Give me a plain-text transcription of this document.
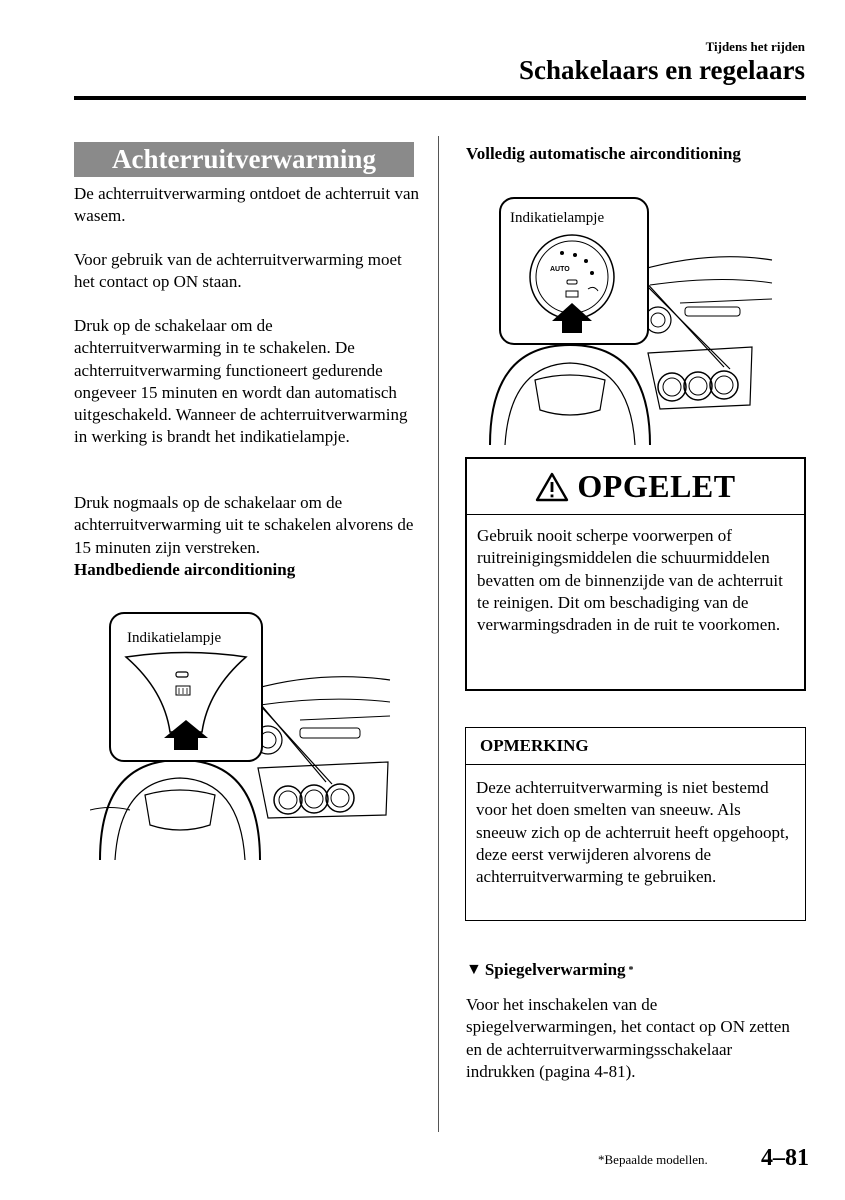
Tijdens het rijden
Schakelaars en regelaars
Achterruitverwarming

De achterruitverwarming ontdoet de achterruit van wasem.

Voor gebruik van de achterruitverwarming moet het contact op ON staan.

Druk op de schakelaar om de achterruitverwarming in te schakelen. De achterruitverwarming functioneert gedurende ongeveer 15 minuten en wordt dan automatisch uitgeschakeld. Wanneer de achterruitverwarming in werking is brandt het indikatielampje.

Druk nogmaals op de schakelaar om de achterruitverwarming uit te schakelen alvorens de 15 minuten zijn verstreken.

Handbediende airconditioning

Indikatielampje

Volledig automatische airconditioning

AUTO
Indikatielampje
OPGELET
Gebruik nooit scherpe voorwerpen of ruitreinigingsmiddelen die schuurmiddelen bevatten om de binnenzijde van de achterruit te reinigen. Dit om beschadiging van de verwarmingsdraden in de ruit te voorkomen.
OPMERKING
Deze achterruitverwarming is niet bestemd voor het doen smelten van sneeuw. Als sneeuw zich op de achterruit heeft opgehoopt, deze eerst verwijderen alvorens de achterruitverwarming te gebruiken.
▼ Spiegelverwarming *

Voor het inschakelen van de spiegelverwarmingen, het contact op ON zetten en de achterruitverwarmingsschakelaar indrukken (pagina 4-81).

*Bepaalde modellen. 4–81
